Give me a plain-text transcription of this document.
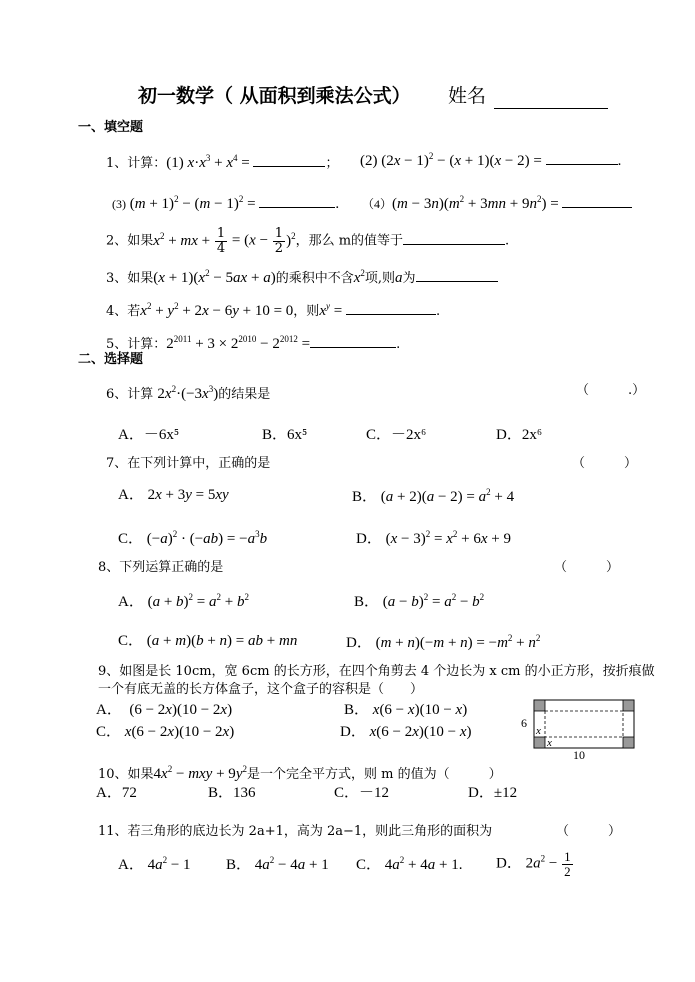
初一数学（ 从面积到乘法公式） 姓名
一、填空题
1、计算：(1) $x\cdot x^3 + x^4$ =	； (2) $(2x - 1)^2 - (x + 1)(x - 2)$ =	.
(3) $(m + 1)^2 - (m - 1)^2$ =	. $(4)(m - 3n)(m^2 + 3mn + 9n^2)$ =
2、如果$x^2$ + mx + $\frac{1}{4} = (x - \frac{1}{2} )^2$，那么 m的值等于	.
3、如果$(x + 1)(x^2 - 5ax + a)$的乘积中不含$x^2$项,则a为
4、若$x^2 + y^2 + 2x - 6y + 10 = 0$，则$x^y$ =	.
5、计算：$2^{2011} + 3 \times 2^{2010} - 2^{2012}$ =	.
二、选择题
6、计算 $2x^2\cdot(-3x^3)$的结果是	（　　　.）
A．－6x⁵	B．6x⁵	C．－2x⁶	D．2x⁶
7、在下列计算中，正确的是	（　　　）
A． 2x + 3y = 5xy	B． $(a + 2)(a - 2) = a^2 + 4$
C． $(-a)^2 \cdot (-ab) = -a^3b$	D． $(x - 3)^2 = x^2 + 6x + 9$
8、下列运算正确的是	（　　　）
A． $(a + b)^2 = a^2 + b^2$	B． $(a - b)^2 = a^2 - b^2$
C． (a + m)(b + n) = ab + mn	D． $(m + n)(-m + n) = -m^2 + n^2$
9、如图是长 10cm，宽 6cm 的长方形，在四个角剪去 4 个边长为 x cm 的小正方形，按折痕做
一个有底无盖的长方体盒子，这个盒子的容积是（　　）
A．　(6 − 2x)(10 − 2x)	B． x(6 − x)(10 − x)
C． x(6 − 2x)(10 − 2x)	D． x(6 − 2x)(10 − x)
6
x
x
10
10、如果$4x^2$ − mxy + $9y^2$是一个完全平方式，则 m 的值为（　　　）
A．72	B．136	C．－12	D．±12
11、若三角形的底边长为 2a+1，高为 2a−1，则此三角形的面积为	（　　　）
A． $4a^2 - 1$ B． $4a^2 - 4a + 1$ C． $4a^2 + 4a + 1$. D． $2a^2 - \frac{1}{2}$
